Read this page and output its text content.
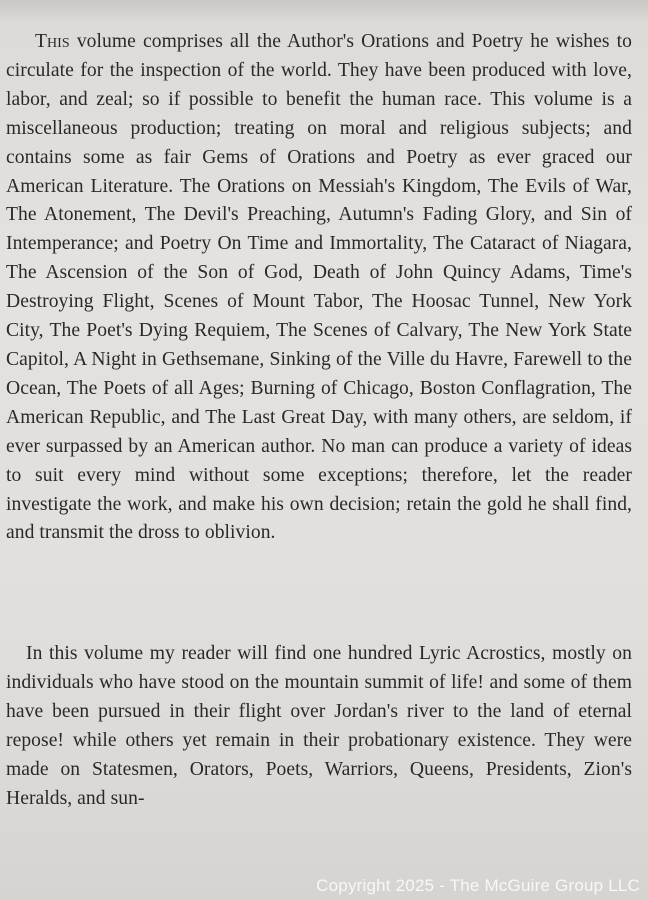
This volume comprises all the Author's Orations and Poetry he wishes to circulate for the inspection of the world. They have been produced with love, labor, and zeal; so if possible to benefit the human race. This volume is a miscellaneous production; treating on moral and religious subjects; and contains some as fair Gems of Orations and Poetry as ever graced our American Literature. The Orations on Messiah's Kingdom, The Evils of War, The Atonement, The Devil's Preaching, Autumn's Fading Glory, and Sin of Intemperance; and Poetry On Time and Immortality, The Cataract of Niagara, The Ascension of the Son of God, Death of John Quincy Adams, Time's Destroying Flight, Scenes of Mount Tabor, The Hoosac Tunnel, New York City, The Poet's Dying Requiem, The Scenes of Calvary, The New York State Capitol, A Night in Gethsemane, Sinking of the Ville du Havre, Farewell to the Ocean, The Poets of all Ages; Burning of Chicago, Boston Conflagration, The American Republic, and The Last Great Day, with many others, are seldom, if ever surpassed by an American author. No man can produce a variety of ideas to suit every mind without some exceptions; therefore, let the reader investigate the work, and make his own decision; retain the gold he shall find, and transmit the dross to oblivion.

In this volume my reader will find one hundred Lyric Acrostics, mostly on individuals who have stood on the mountain summit of life! and some of them have been pursued in their flight over Jordan's river to the land of eternal repose! while others yet remain in their probationary existence. They were made on Statesmen, Orators, Poets, Warriors, Queens, Presidents, Zion's Heralds, and sun-

Copyright 2025 - The McGuire Group LLC
